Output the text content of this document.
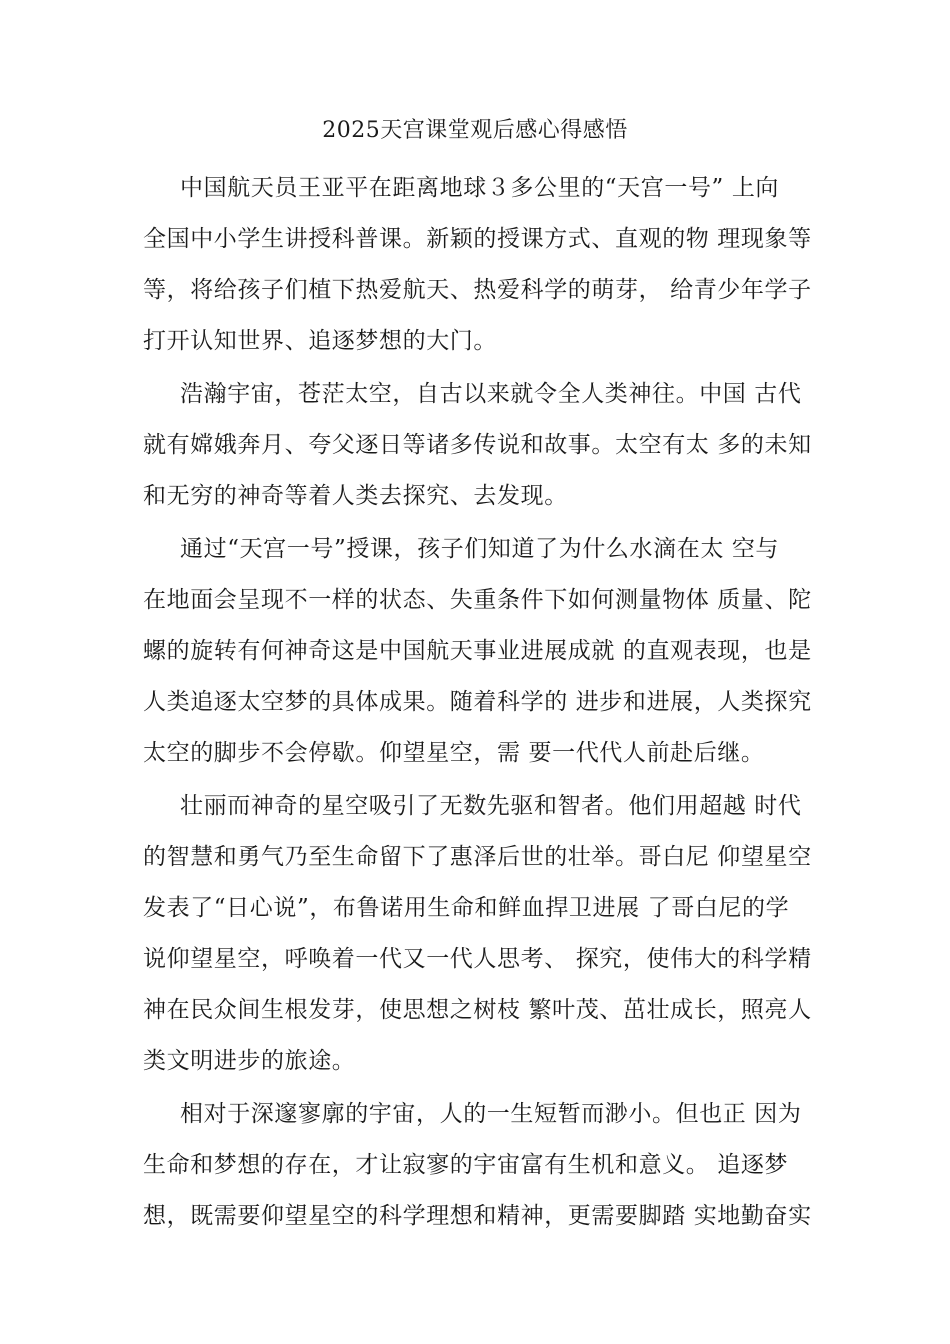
2025天宫课堂观后感心得感悟
中国航天员王亚平在距离地球３多公里的“天宫一号” 上向
全国中小学生讲授科普课。新颖的授课方式、直观的物 理现象等
等，将给孩子们植下热爱航天、热爱科学的萌芽， 给青少年学子
打开认知世界、追逐梦想的大门。
浩瀚宇宙，苍茫太空，自古以来就令全人类神往。中国 古代
就有嫦娥奔月、夸父逐日等诸多传说和故事。太空有太 多的未知
和无穷的神奇等着人类去探究、去发现。
通过“天宫一号”授课，孩子们知道了为什么水滴在太 空与
在地面会呈现不一样的状态、失重条件下如何测量物体 质量、陀
螺的旋转有何神奇这是中国航天事业进展成就 的直观表现，也是
人类追逐太空梦的具体成果。随着科学的 进步和进展，人类探究
太空的脚步不会停歇。仰望星空，需 要一代代人前赴后继。
壮丽而神奇的星空吸引了无数先驱和智者。他们用超越 时代
的智慧和勇气乃至生命留下了惠泽后世的壮举。哥白尼 仰望星空
发表了“日心说”，布鲁诺用生命和鲜血捍卫进展 了哥白尼的学
说仰望星空，呼唤着一代又一代人思考、 探究，使伟大的科学精
神在民众间生根发芽，使思想之树枝 繁叶茂、茁壮成长，照亮人
类文明进步的旅途。
相对于深邃寥廓的宇宙，人的一生短暂而渺小。但也正 因为
生命和梦想的存在，才让寂寥的宇宙富有生机和意义。 追逐梦
想，既需要仰望星空的科学理想和精神，更需要脚踏 实地勤奋实
